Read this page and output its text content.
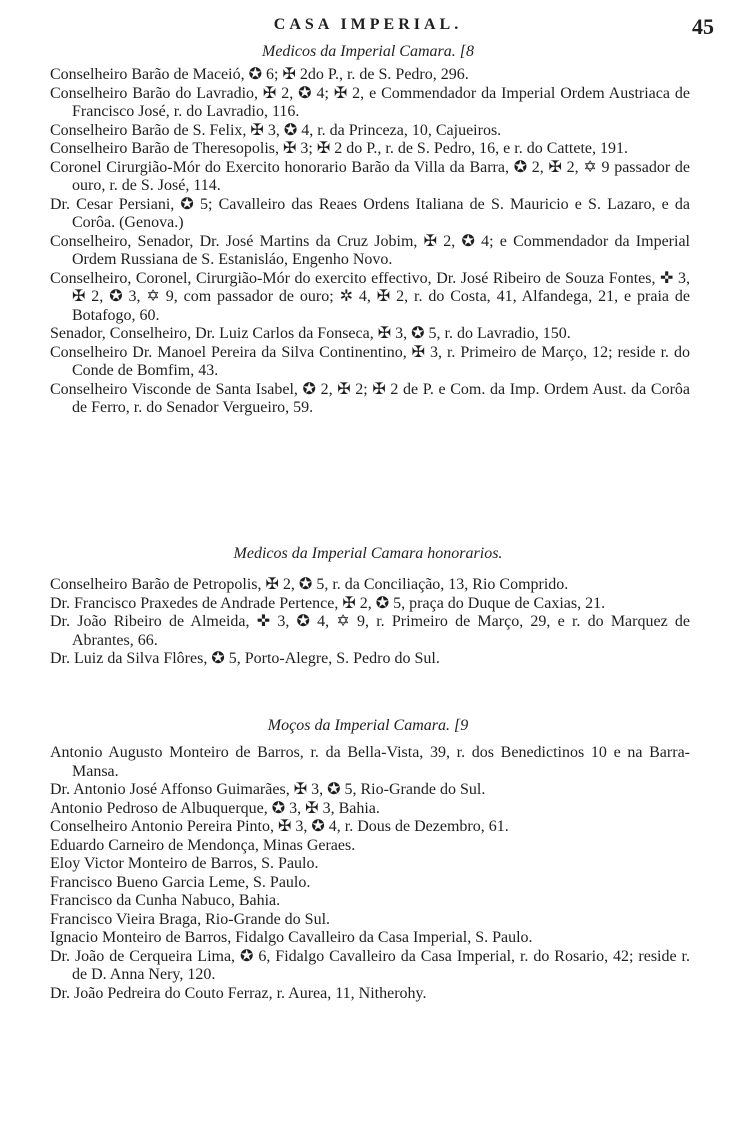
CASA IMPERIAL.	45
Medicos da Imperial Camara. [8

Conselheiro Barão de Maceió, ✪ 6; ✠ 2do P., r. de S. Pedro, 296.

Conselheiro Barão do Lavradio, ✠ 2, ✪ 4; ✠ 2, e Commendador da Imperial Ordem Austriaca de Francisco José, r. do Lavradio, 116.

Conselheiro Barão de S. Felix, ✠ 3, ✪ 4, r. da Princeza, 10, Cajueiros.

Conselheiro Barão de Theresopolis, ✠ 3; ✠ 2 do P., r. de S. Pedro, 16, e r. do Cattete, 191.

Coronel Cirurgião-Mór do Exercito honorario Barão da Villa da Barra, ✪ 2, ✠ 2, ✡ 9 passador de ouro, r. de S. José, 114.

Dr. Cesar Persiani, ✪ 5; Cavalleiro das Reaes Ordens Italiana de S. Mauricio e S. Lazaro, e da Corôa. (Genova.)

Conselheiro, Senador, Dr. José Martins da Cruz Jobim, ✠ 2, ✪ 4; e Commendador da Imperial Ordem Russiana de S. Estanisláo, Engenho Novo.

Conselheiro, Coronel, Cirurgião-Mór do exercito effectivo, Dr. José Ribeiro de Souza Fontes, ✜ 3, ✠ 2, ✪ 3, ✡ 9, com passador de ouro; ✲ 4, ✠ 2, r. do Costa, 41, Alfandega, 21, e praia de Botafogo, 60.

Senador, Conselheiro, Dr. Luiz Carlos da Fonseca, ✠ 3, ✪ 5, r. do Lavradio, 150.

Conselheiro Dr. Manoel Pereira da Silva Continentino, ✠ 3, r. Primeiro de Março, 12; reside r. do Conde de Bomfim, 43.

Conselheiro Visconde de Santa Isabel, ✪ 2, ✠ 2; ✠ 2 de P. e Com. da Imp. Ordem Aust. da Corôa de Ferro, r. do Senador Vergueiro, 59.

Medicos da Imperial Camara honorarios.

Conselheiro Barão de Petropolis, ✠ 2, ✪ 5, r. da Conciliação, 13, Rio Comprido.

Dr. Francisco Praxedes de Andrade Pertence, ✠ 2, ✪ 5, praça do Duque de Caxias, 21.

Dr. João Ribeiro de Almeida, ✜ 3, ✪ 4, ✡ 9, r. Primeiro de Março, 29, e r. do Marquez de Abrantes, 66.

Dr. Luiz da Silva Flôres, ✪ 5, Porto-Alegre, S. Pedro do Sul.

Moços da Imperial Camara. [9

Antonio Augusto Monteiro de Barros, r. da Bella-Vista, 39, r. dos Benedictinos 10 e na Barra-Mansa.

Dr. Antonio José Affonso Guimarães, ✠ 3, ✪ 5, Rio-Grande do Sul.

Antonio Pedroso de Albuquerque, ✪ 3, ✠ 3, Bahia.

Conselheiro Antonio Pereira Pinto, ✠ 3, ✪ 4, r. Dous de Dezembro, 61.

Eduardo Carneiro de Mendonça, Minas Geraes.

Eloy Victor Monteiro de Barros, S. Paulo.

Francisco Bueno Garcia Leme, S. Paulo.

Francisco da Cunha Nabuco, Bahia.

Francisco Vieira Braga, Rio-Grande do Sul.

Ignacio Monteiro de Barros, Fidalgo Cavalleiro da Casa Imperial, S. Paulo.

Dr. João de Cerqueira Lima, ✪ 6, Fidalgo Cavalleiro da Casa Imperial, r. do Rosario, 42; reside r. de D. Anna Nery, 120.

Dr. João Pedreira do Couto Ferraz, r. Aurea, 11, Nitherohy.
